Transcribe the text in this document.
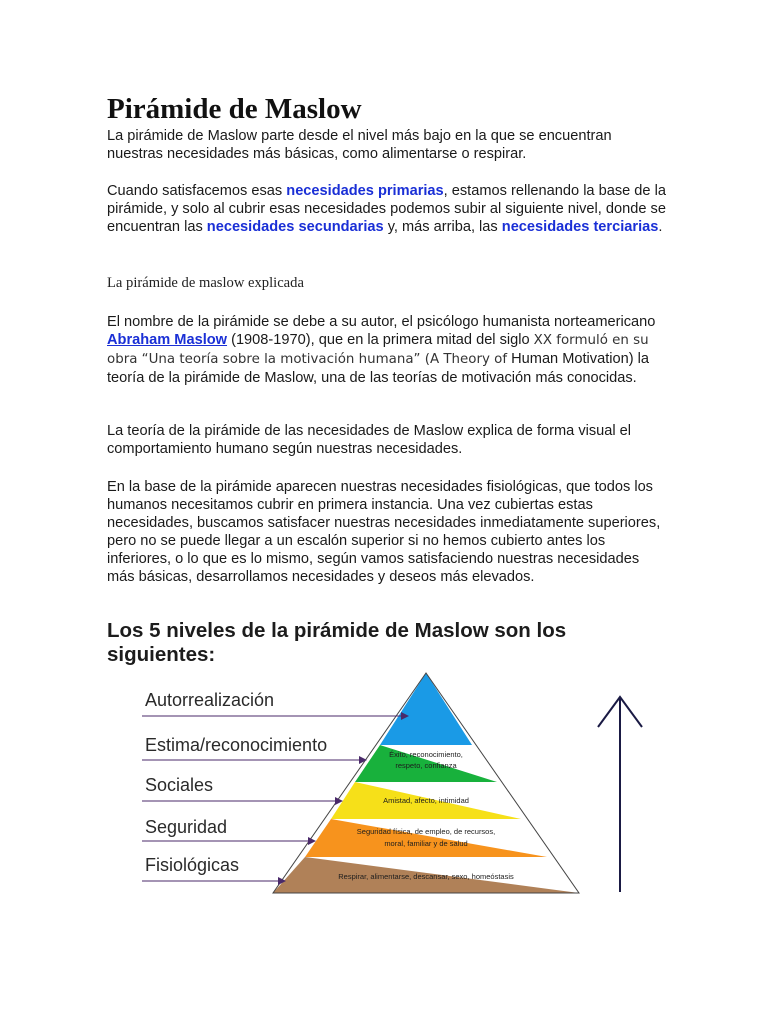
Pirámide de Maslow

La pirámide de Maslow parte desde el nivel más bajo en la que se encuentran nuestras necesidades más básicas, como alimentarse o respirar.

Cuando satisfacemos esas necesidades primarias, estamos rellenando la base de la pirámide, y solo al cubrir esas necesidades podemos subir al siguiente nivel, donde se encuentran las necesidades secundarias y, más arriba, las necesidades terciarias.

La pirámide de maslow explicada

El nombre de la pirámide se debe a su autor, el psicólogo humanista norteamericano Abraham Maslow (1908-1970), que en la primera mitad del siglo XX formuló en su obra “Una teoría sobre la motivación humana” (A Theory of Human Motivation) la teoría de la pirámide de Maslow, una de las teorías de motivación más conocidas.

La teoría de la pirámide de las necesidades de Maslow explica de forma visual el comportamiento humano según nuestras necesidades.

En la base de la pirámide aparecen nuestras necesidades fisiológicas, que todos los humanos necesitamos cubrir en primera instancia. Una vez cubiertas estas necesidades, buscamos satisfacer nuestras necesidades inmediatamente superiores, pero no se puede llegar a un escalón superior si no hemos cubierto antes los inferiores, o lo que es lo mismo, según vamos satisfaciendo nuestras necesidades más básicas, desarrollamos necesidades y deseos más elevados.

Los 5 niveles de la pirámide de Maslow son los siguientes:

Éxito, reconocimiento,
respeto, confianza
Amistad, afecto, intimidad
Seguridad física, de empleo, de recursos,
moral, familiar y de salud
Respirar, alimentarse, descansar, sexo, homeóstasis
Autorrealización
Estima/reconocimiento
Sociales
Seguridad
Fisiológicas
